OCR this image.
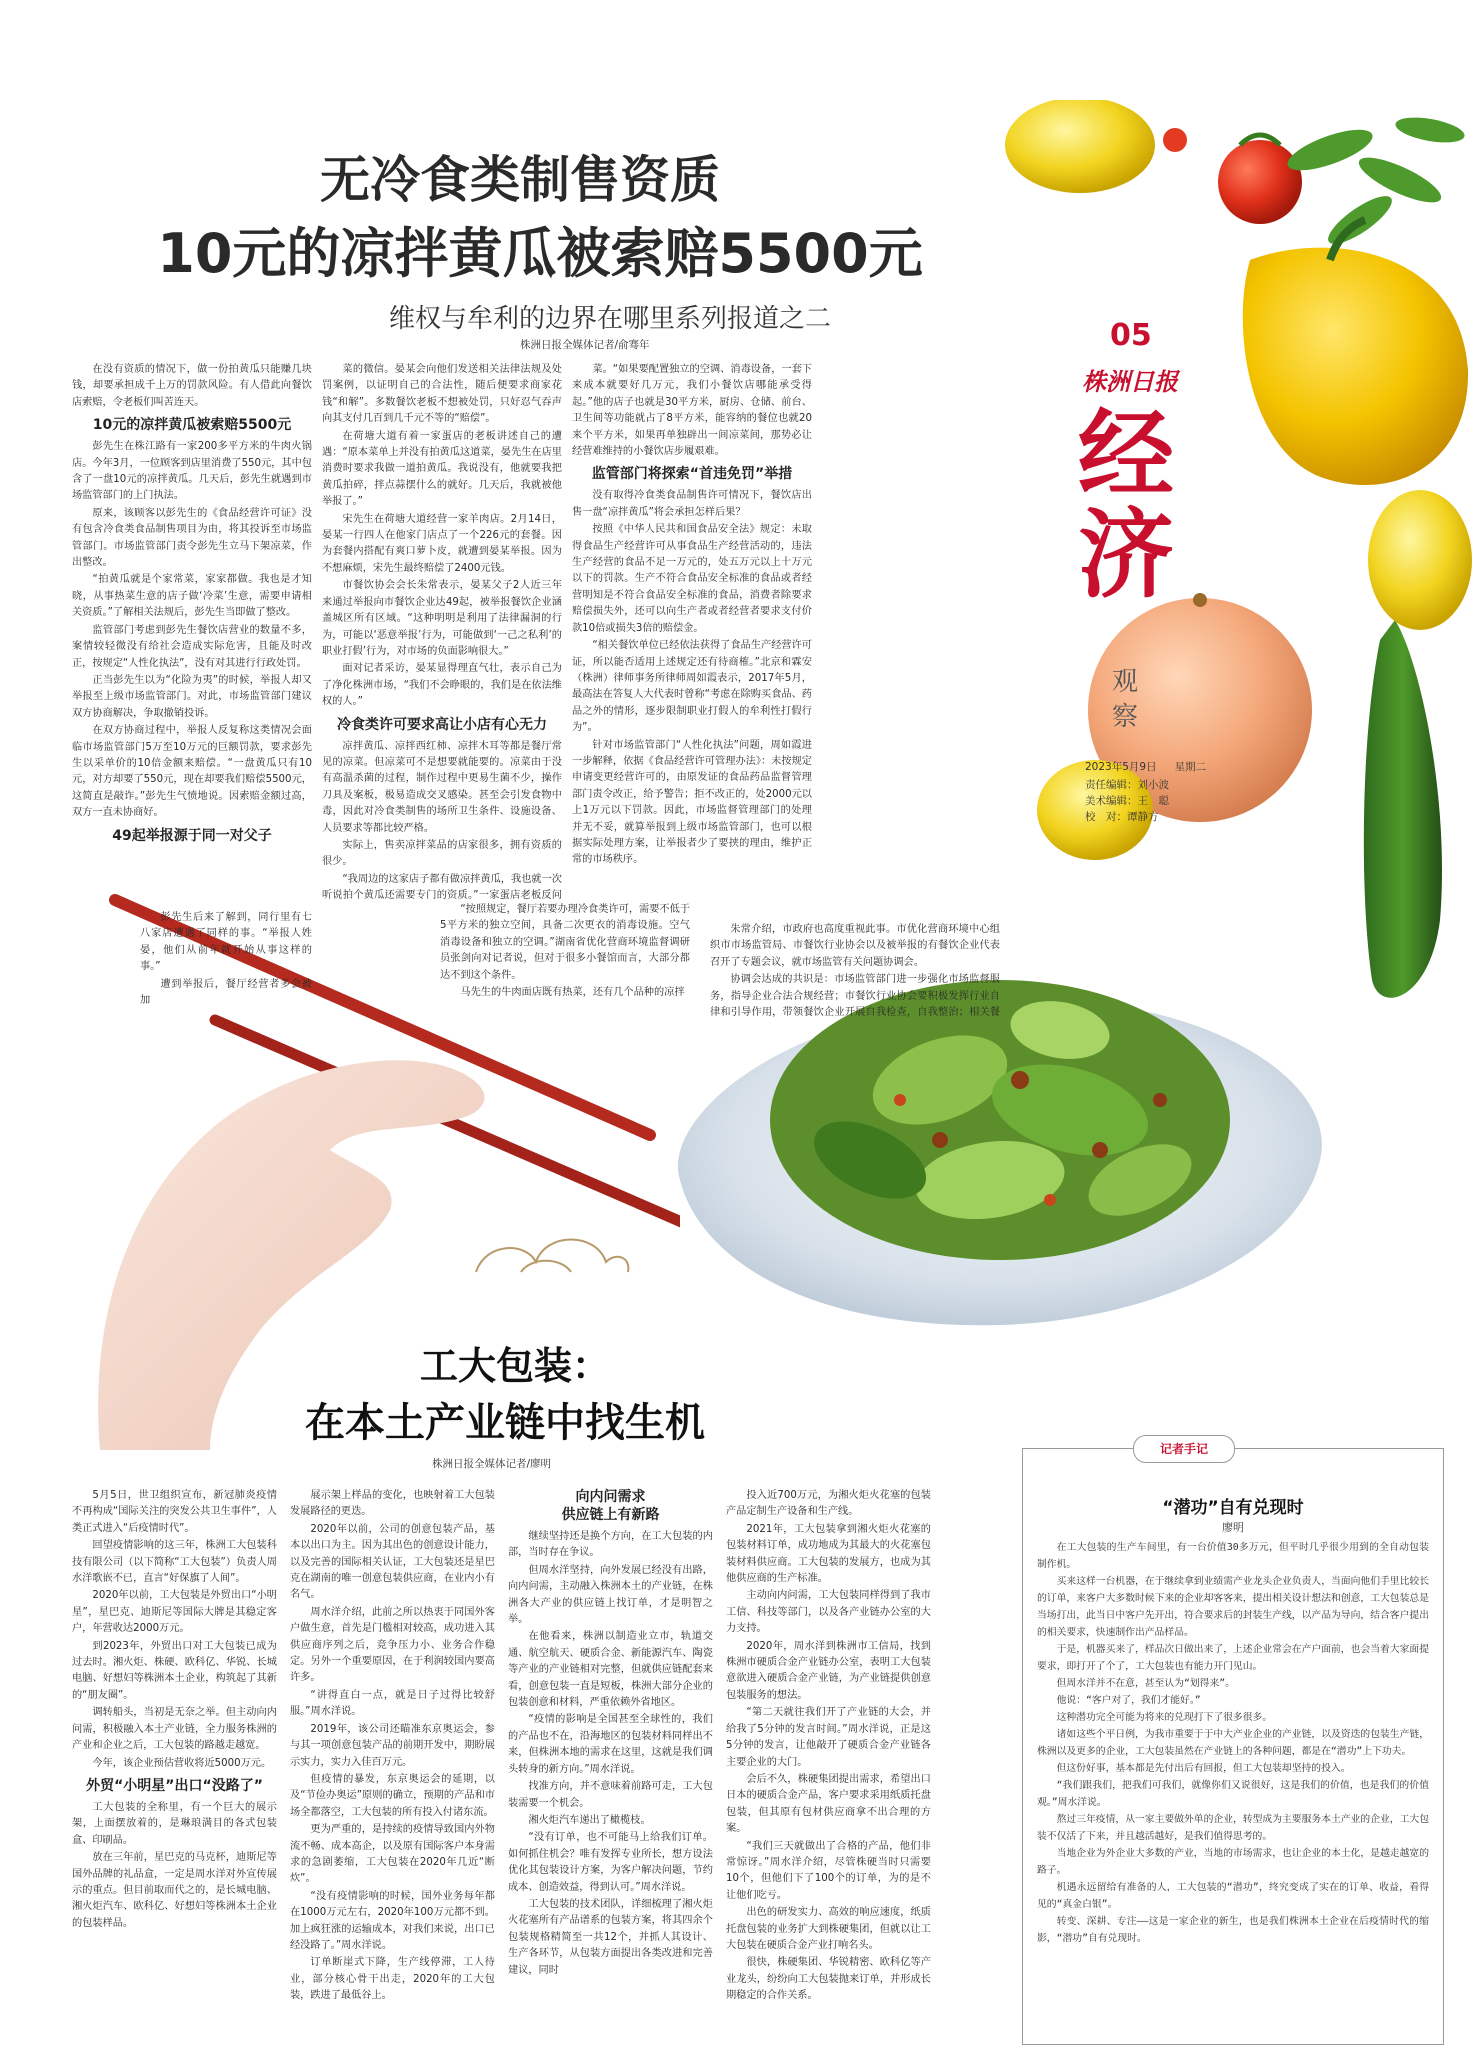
05
株洲日报
经
济
观
察
2023年5月9日 星期二
责任编辑：刘小波
美术编辑：王　聪
校　对：谭静方
无冷食类制售资质
10元的凉拌黄瓜被索赔5500元
维权与牟利的边界在哪里系列报道之二
株洲日报全媒体记者/俞骞年

在没有资质的情况下，做一份拍黄瓜只能赚几块钱，却要承担成千上万的罚款风险。有人借此向餐饮店索赔，令老板们叫苦连天。

10元的凉拌黄瓜被索赔5500元

彭先生在株江路有一家200多平方米的牛肉火锅店。今年3月，一位顾客到店里消费了550元，其中包含了一盘10元的凉拌黄瓜。几天后，彭先生就遇到市场监管部门的上门执法。

原来，该顾客以彭先生的《食品经营许可证》没有包含冷食类食品制售项目为由，将其投诉至市场监管部门。市场监管部门责令彭先生立马下架凉菜，作出整改。

“拍黄瓜就是个家常菜，家家都做。我也是才知晓，从事热菜生意的店子做‘冷菜’生意，需要申请相关资质。”了解相关法规后，彭先生当即做了整改。

监管部门考虑到彭先生餐饮店营业的数量不多，案情较轻微没有给社会造成实际危害，且能及时改正，按规定“人性化执法”，没有对其进行行政处罚。

正当彭先生以为“化险为夷”的时候，举报人却又举报至上级市场监管部门。对此，市场监管部门建议双方协商解决，争取撤销投诉。

在双方协商过程中，举报人反复称这类情况会面临市场监管部门5万至10万元的巨额罚款，要求彭先生以采单价的10倍金额来赔偿。“一盘黄瓜只有10元，对方却要了550元，现在却要我们赔偿5500元，这简直是敲诈。”彭先生气愤地说。因索赔金额过高，双方一直未协商好。

49起举报源于同一对父子

彭先生后来了解到，同行里有七八家店遭遇了同样的事。“举报人姓晏，他们从前年就开始从事这样的事。”

遭到举报后，餐厅经营者多会被加

菜的微信。晏某会向他们发送相关法律法规及处罚案例，以证明自己的合法性，随后便要求商家花钱“和解”。多数餐饮老板不想被处罚，只好忍气吞声向其支付几百到几千元不等的“赔偿”。

在荷塘大道有着一家蛋店的老板讲述自己的遭遇：“原本菜单上并没有拍黄瓜这道菜，晏先生在店里消费时要求我做一道拍黄瓜。我说没有，他就要我把黄瓜拍碎，拌点蒜摆什么的就好。几天后，我就被他举报了。”

宋先生在荷塘大道经营一家羊肉店。2月14日，晏某一行四人在他家门店点了一个226元的套餐。因为套餐内搭配有爽口萝卜皮，就遭到晏某举报。因为不想麻烦，宋先生最终赔偿了2400元钱。

市餐饮协会会长朱常表示，晏某父子2人近三年来通过举报向市餐饮企业达49起，被举报餐饮企业涵盖城区所有区域。“这种明明是利用了法律漏洞的行为，可能以‘恶意举报’行为，可能做到‘一己之私利’的职业打假’行为，对市场的负面影响很大。”

面对记者采访，晏某显得理直气壮，表示自己为了净化株洲市场，“我们不会睁眼的，我们是在依法维权的人。”

冷食类许可要求高让小店有心无力

凉拌黄瓜、凉拌西红柿、凉拌木耳等都是餐厅常见的凉菜。但凉菜可不是想要就能要的。凉菜由于没有高温杀菌的过程，制作过程中更易生菌不少，操作刀具及案板，极易造成交叉感染。甚至会引发食物中毒，因此对冷食类制售的场所卫生条件、设施设备、人员要求等都比较严格。

实际上，售卖凉拌菜品的店家很多，拥有资质的很少。

“我周边的这家店子都有做凉拌黄瓜，我也就一次听说拍个黄瓜还需要专门的资质。”一家蛋店老板反问

“按照规定，餐厅若要办理冷食类许可，需要不低于5平方米的独立空间，具备二次更衣的消毒设施。空气消毒设备和独立的空调。”湖南省优化营商环境监督调研员张剑向对记者说，但对于很多小餐馆而言，大部分都达不到这个条件。

马先生的牛肉面店既有热菜，还有几个品种的凉拌

菜。“如果要配置独立的空调、消毒设备，一套下来成本就要好几万元，我们小餐饮店哪能承受得起。”他的店子也就是30平方米，厨房、仓储、前台、卫生间等功能就占了8平方米，能容纳的餐位也就20来个平方米，如果再单独辟出一间凉菜间，那势必让经营难维持的小餐饮店步履艰难。

监管部门将探索“首违免罚”举措

没有取得冷食类食品制售许可情况下，餐饮店出售一盘“凉拌黄瓜”将会承担怎样后果？

按照《中华人民共和国食品安全法》规定：未取得食品生产经营许可从事食品生产经营活动的，违法生产经营的食品不足一万元的，处五万元以上十万元以下的罚款。生产不符合食品安全标准的食品或者经营明知是不符合食品安全标准的食品，消费者除要求赔偿损失外，还可以向生产者或者经营者要求支付价款10倍或损失3倍的赔偿金。

“相关餐饮单位已经依法获得了食品生产经营许可证，所以能否适用上述规定还有待商榷。”北京和霖安（株洲）律师事务所律师周如霞表示，2017年5月，最高法在答复人大代表时曾称“考虑在除购买食品、药品之外的情形，逐步限制职业打假人的牟利性打假行为”。

针对市场监管部门“人性化执法”问题，周如霞进一步解释，依据《食品经营许可管理办法》：未按规定申请变更经营许可的，由原发证的食品药品监督管理部门责令改正，给予警告；拒不改正的，处2000元以上1万元以下罚款。因此，市场监督管理部门的处理并无不妥，就算举报到上级市场监管部门，也可以根据实际处理方案，让举报者少了要挟的理由，维护正常的市场秩序。

朱常介绍，市政府也高度重视此事。市优化营商环境中心组织市市场监管局、市餐饮行业协会以及被举报的有餐饮企业代表召开了专题会议，就市场监管有关问题协调会。

协调会达成的共识是：市场监管部门进一步强化市场监督服务，指导企业合法合规经营；市餐饮行业协会要积极发挥行业自律和引导作用，带领餐饮企业开展自我检查，自我整治；相关餐

工大包装：
在本土产业链中找生机
株洲日报全媒体记者/廖明

5月5日，世卫组织宣布，新冠肺炎疫情不再构成“国际关注的突发公共卫生事件”，人类正式进入“后疫情时代”。

回望疫情影响的这三年，株洲工大包装科技有限公司（以下简称“工大包装”）负责人周水洋歌嵌不已，直言“好保旗了人间”。

2020年以前，工大包装是外贸出口“小明星”，星巴克、迪斯尼等国际大牌是其稳定客户，年营收达2000万元。

到2023年，外贸出口对工大包装已成为过去时。湘火炬、株硬、欧科亿、华锐、长城电脑、好想妇等株洲本土企业，构筑起了其新的“朋友圈”。

调转船头，当初是无奈之举。但主动向内问需，积极融入本土产业链，全力服务株洲的产业和企业之后，工大包装的路越走越宽。

今年，该企业预估营收将近5000万元。

外贸“小明星”出口“没路了”

工大包装的全称里，有一个巨大的展示架，上面摆放着的，是琳琅满目的各式包装盒、印刷品。

放在三年前，星巴克的马克杯，迪斯尼等国外品牌的礼品盒，一定是周水洋对外宣传展示的重点。但目前取而代之的，是长城电脑、湘火炬汽车、欧科亿、好想妇等株洲本土企业的包装样品。

展示架上样品的变化，也映射着工大包装发展路径的更迭。

2020年以前，公司的创意包装产品，基本以出口为主。因为其出色的创意设计能力，以及完善的国际相关认证，工大包装还是星巴克在湖南的唯一创意包装供应商，在业内小有名气。

周水洋介绍，此前之所以热衷于同国外客户做生意，首先是门槛相对较高，成功进入其供应商序列之后，竞争压力小、业务合作稳定。另外一个重要原因，在于利润较国内要高许多。

“讲得直白一点，就是日子过得比较舒服。”周水洋说。

2019年，该公司还瞄准东京奥运会，参与其一项创意包装产品的前期开发中，期盼展示实力，实力入佳百万元。

但疫情的暴发，东京奥运会的延期，以及“节俭办奥运”原则的确立，预期的产品和市场全都落空，工大包装的所有投入付诸东流。

更为严重的，是持续的疫情导致国内外物流不畅、成本高企，以及原有国际客户本身需求的急剧萎缩，工大包装在2020年几近“断炊”。

“没有疫情影响的时候，国外业务每年都在1000万元左右，2020年100万元都不到。加上疯狂涨的运输成本，对我们来说，出口已经没路了。”周水洋说。

订单断崖式下降，生产线停滞，工人待业，部分核心骨干出走，2020年的工大包装，跌进了最低谷上。

向内问需求
供应链上有新路

继续坚持还是换个方向，在工大包装的内部，当时存在争议。

但周水洋坚持，向外发展已经没有出路，向内问需，主动融入株洲本土的产业链，在株洲各大产业的供应链上找订单，才是明智之举。

在他看来，株洲以制造业立市，轨道交通、航空航天、硬质合金、新能源汽车、陶瓷等产业的产业链相对完整，但就供应链配套来看，创意包装一直是短板，株洲大部分企业的包装创意和材料，严重依赖外省地区。

“疫情的影响是全国甚至全球性的，我们的产品也不在，沿海地区的包装材料同样出不来，但株洲本地的需求在这里，这就是我们调头转身的新方向。”周水洋说。

找准方向，并不意味着前路可走，工大包装需要一个机会。

湘火炬汽车递出了橄榄枝。

“没有订单，也不可能马上给我们订单。如何抓住机会？唯有发挥专业所长，想方设法优化其包装设计方案，为客户解决问题，节约成本、创造效益，得到认可。”周水洋说。

工大包装的技术团队，详细梳理了湘火炬火花塞所有产品谱系的包装方案，将其四余个包装规格精简至一共12个，并抓人其设计、生产各环节，从包装方面提出各类改进和完善建议，同时

投入近700万元，为湘火炬火花塞的包装产品定制生产设备和生产线。

2021年，工大包装拿到湘火炬火花塞的包装材料订单，成功地成为其最大的火花塞包装材料供应商。工大包装的发展方，也成为其他供应商的生产标准。

主动向内问需，工大包装同样得到了我市工信、科技等部门，以及各产业链办公室的大力支持。

2020年，周水洋到株洲市工信局，找到株洲市硬质合金产业链办公室，表明工大包装意欲进入硬质合金产业链，为产业链提供创意包装服务的想法。

“第二天就往我们开了产业链的大会，并给我了5分钟的发言时间。”周水洋说，正是这5分钟的发言，让他敲开了硬质合金产业链各主要企业的大门。

会后不久，株硬集团提出需求，希望出口日本的硬质合金产品，客户要求采用纸质托盘包装，但其原有包材供应商拿不出合理的方案。

“我们三天就做出了合格的产品，他们非常惊讶。”周水洋介绍，尽管株硬当时只需要10个，但他们下了100个的订单，为的是不让他们吃亏。

出色的研发实力、高效的响应速度，纸质托盘包装的业务扩大到株硬集团，但就以让工大包装在硬质合金产业打响名头。

很快，株硬集团、华锐精密、欧科亿等产业龙头，纷纷向工大包装抛来订单，并形成长期稳定的合作关系。

记者手记
“潜功”自有兑现时
廖明

在工大包装的生产车间里，有一台价值30多万元，但平时几乎很少用到的全自动包装制作机。

买来这样一台机器，在于继续拿到业绩需产业龙头企业负责人，当面向他们手里比较长的订单，来客户大多数时候下来的企业却客客来，提出相关设计想法和创意，工大包装总是当场打出，此当日中客户先开出，符合要求后的封装生产线，以产品为导向，结合客户提出的相关要求，快速制作出产品样品。

于是，机器买来了，样品次日做出来了，上述企业常会在产户面前，也会当着大家面提要求，即打开了个了，工大包装也有能力开门见山。

但周水洋并不在意，甚至认为“划得来”。

他说：“客户对了，我们才能好。”

这种潜功完全可能为将来的兑现打下了很多很多。

诸如这些个平日例，为我市重要于于中大产业企业的产业链，以及资迭的包装生产链，株洲以及更多的企业，工大包装虽然在产业链上的各种问题，都是在“潜功”上下功夫。

但这份好事，基本都是先付出后有回报，但工大包装却坚持的投入。

“我们跟我们，把我们可我们，就像你们又说很好，这是我们的价值，也是我们的价值观。”周水洋说。

熬过三年疫情，从一家主要做外单的企业，转型成为主要服务本土产业的企业，工大包装不仅活了下来，并且越活越好，是我们值得思考的。

当地企业为外企业大多数的产业，当地的市场需求，也让企业的本土化，是越走越宽的路子。

机遇永远留给有准备的人，工大包装的“潜功”，终究变成了实在的订单、收益，看得见的“真金白银”。

转变、深耕、专注——这是一家企业的新生，也是我们株洲本土企业在后疫情时代的缩影，“潜功”自有兑现时。
